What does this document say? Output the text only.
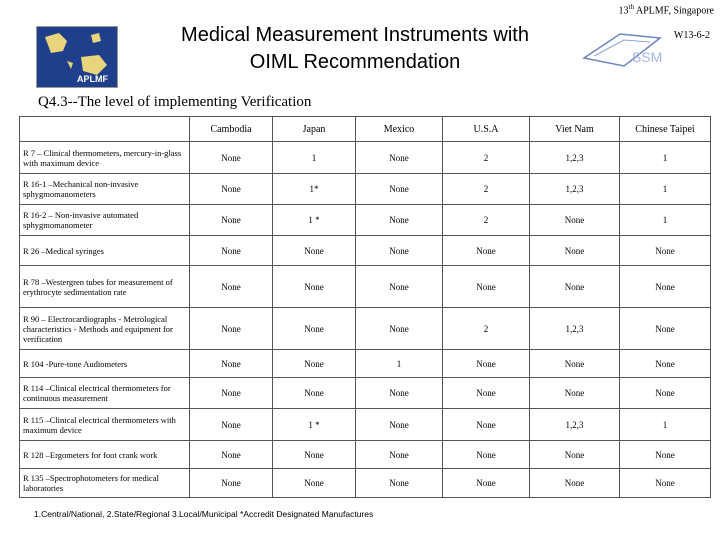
13th APLMF, Singapore
APLMF
Medical Measurement Instruments with
OIML Recommendation	SSM
W13-6-2
Q4.3--The level of implementing Verification
	Cambodia	Japan	Mexico	U.S.A	Viet Nam	Chinese Taipei
R 7 – Clinical thermometers, mercury-in-glass with maximum device	None	1	None	2	1,2,3	1
R 16-1 –Mechanical non-invasive sphygmomanometers	None	1*	None	2	1,2,3	1
R 16-2 – Non-invasive automated sphygmomanometer	None	1 *	None	2	None	1
R 26 –Medical syringes	None	None	None	None	None	None
R 78 –Westergren tubes for measurement of erythrocyte sedimentation rate	None	None	None	None	None	None
R 90 – Electrocardiographs - Metrological characteristics - Methods and equipment for verification	None	None	None	2	1,2,3	None
R 104 -Pure-tone Audiometers	None	None	1	None	None	None
R 114 –Clinical electrical thermometers for continuous measurement	None	None	None	None	None	None
R 115 –Clinical electrical thermometers with maximum device	None	1 *	None	None	1,2,3	1
R 128 –Ergometers for foot crank work	None	None	None	None	None	None
R 135 –Spectrophotometers for medical laboratories	None	None	None	None	None	None
1.Central/National, 2.State/Regional 3.Local/Municipal *Accredit Designated Manufactures
